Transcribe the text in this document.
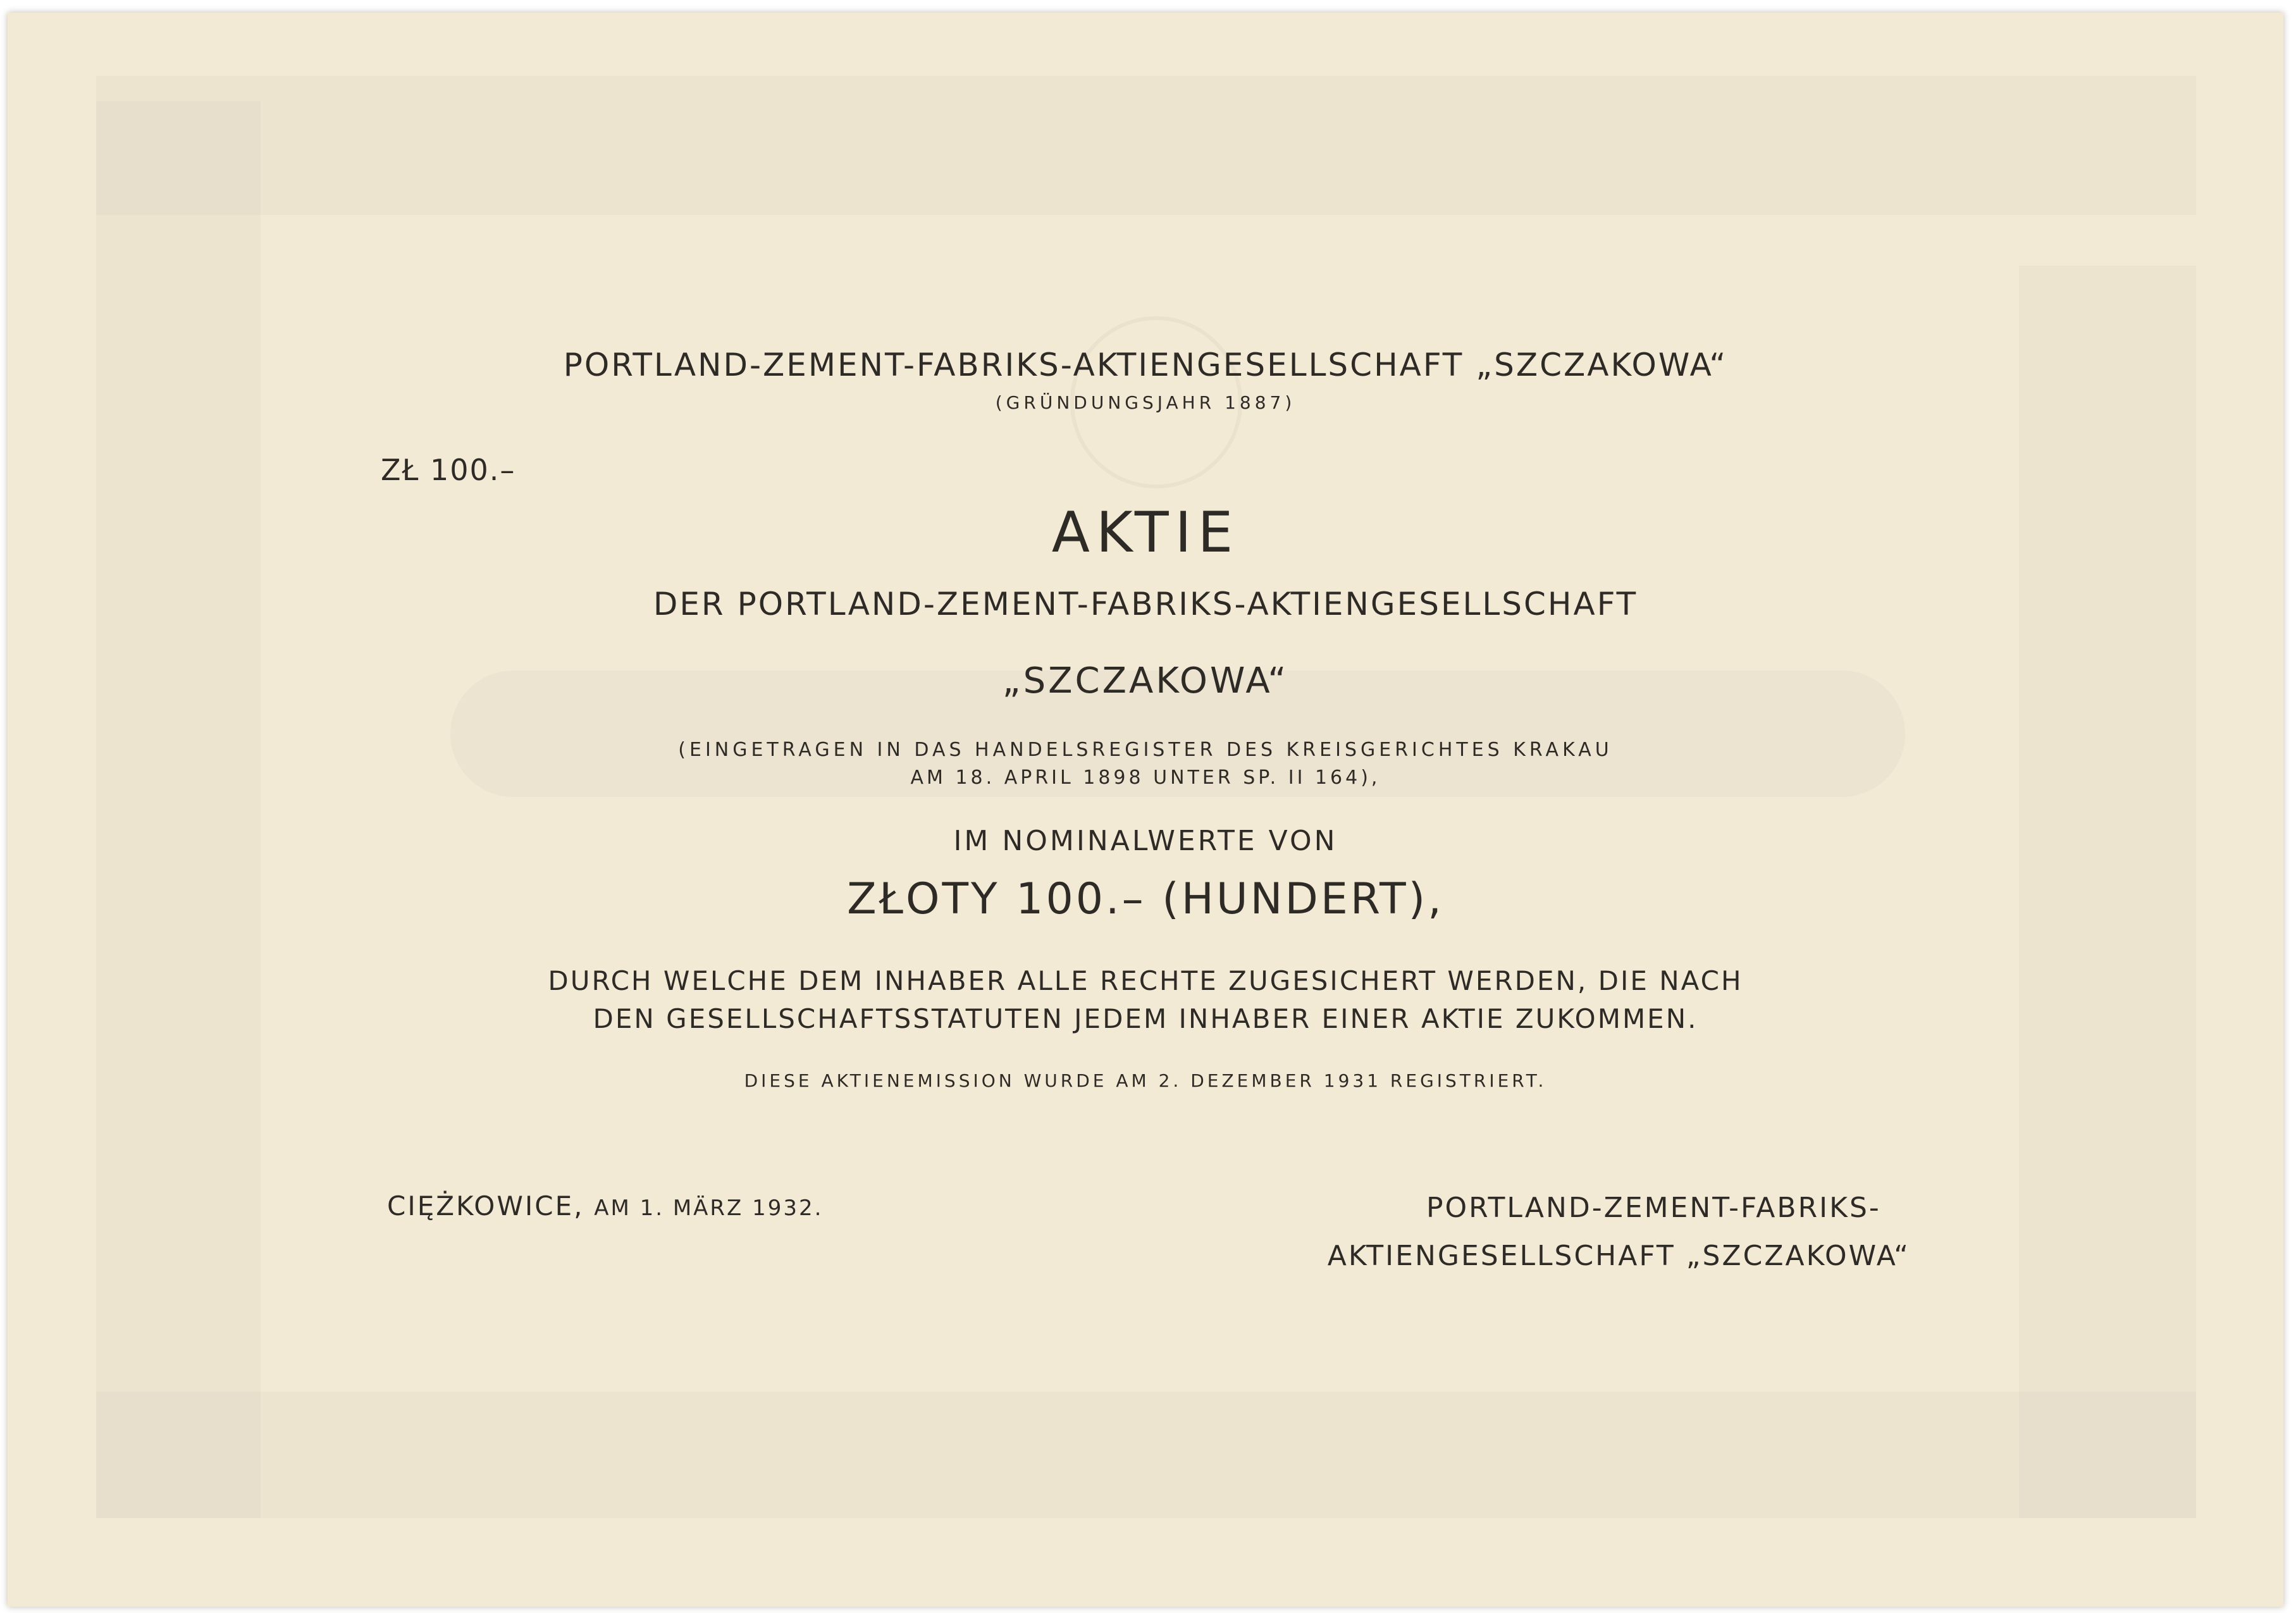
PORTLAND-ZEMENT-FABRIKS-AKTIENGESELLSCHAFT „SZCZAKOWA“
(GRÜNDUNGSJAHR 1887)
ZŁ 100.–
AKTIE
DER PORTLAND-ZEMENT-FABRIKS-AKTIENGESELLSCHAFT
„SZCZAKOWA“
(EINGETRAGEN IN DAS HANDELSREGISTER DES KREISGERICHTES KRAKAU
AM 18. APRIL 1898 UNTER SP. II 164),
IM NOMINALWERTE VON
ZŁOTY 100.– (HUNDERT),
DURCH WELCHE DEM INHABER ALLE RECHTE ZUGESICHERT WERDEN, DIE NACH
DEN GESELLSCHAFTSSTATUTEN JEDEM INHABER EINER AKTIE ZUKOMMEN.
DIESE AKTIENEMISSION WURDE AM 2. DEZEMBER 1931 REGISTRIERT.
CIĘŻKOWICE, AM 1. MÄRZ 1932.	PORTLAND-ZEMENT-FABRIKS-
AKTIENGESELLSCHAFT „SZCZAKOWA“
